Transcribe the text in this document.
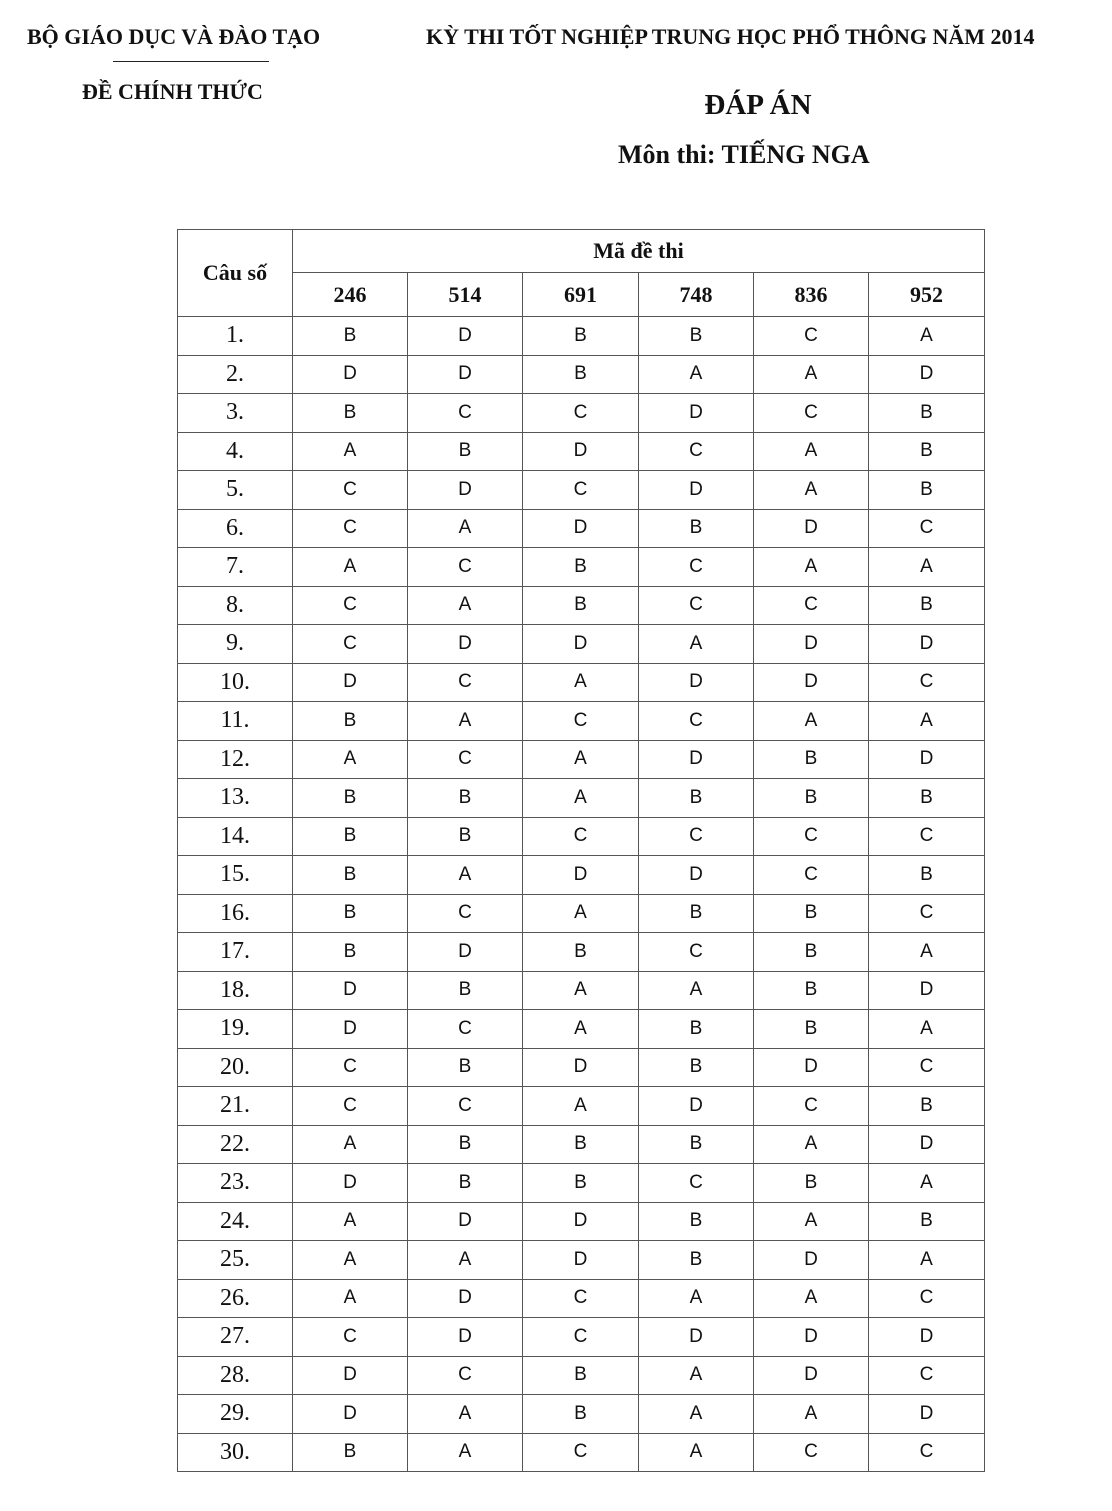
BỘ GIÁO DỤC VÀ ĐÀO TẠO
ĐỀ CHÍNH THỨC
KỲ THI TỐT NGHIỆP TRUNG HỌC PHỔ THÔNG NĂM 2014
ĐÁP ÁN
Môn thi: TIẾNG NGA
Câu số	Mã đề thi					
	246	514	691	748	836	952
1.	B	D	B	B	C	A
2.	D	D	B	A	A	D
3.	B	C	C	D	C	B
4.	A	B	D	C	A	B
5.	C	D	C	D	A	B
6.	C	A	D	B	D	C
7.	A	C	B	C	A	A
8.	C	A	B	C	C	B
9.	C	D	D	A	D	D
10.	D	C	A	D	D	C
11.	B	A	C	C	A	A
12.	A	C	A	D	B	D
13.	B	B	A	B	B	B
14.	B	B	C	C	C	C
15.	B	A	D	D	C	B
16.	B	C	A	B	B	C
17.	B	D	B	C	B	A
18.	D	B	A	A	B	D
19.	D	C	A	B	B	A
20.	C	B	D	B	D	C
21.	C	C	A	D	C	B
22.	A	B	B	B	A	D
23.	D	B	B	C	B	A
24.	A	D	D	B	A	B
25.	A	A	D	B	D	A
26.	A	D	C	A	A	C
27.	C	D	C	D	D	D
28.	D	C	B	A	D	C
29.	D	A	B	A	A	D
30.	B	A	C	A	C	C
